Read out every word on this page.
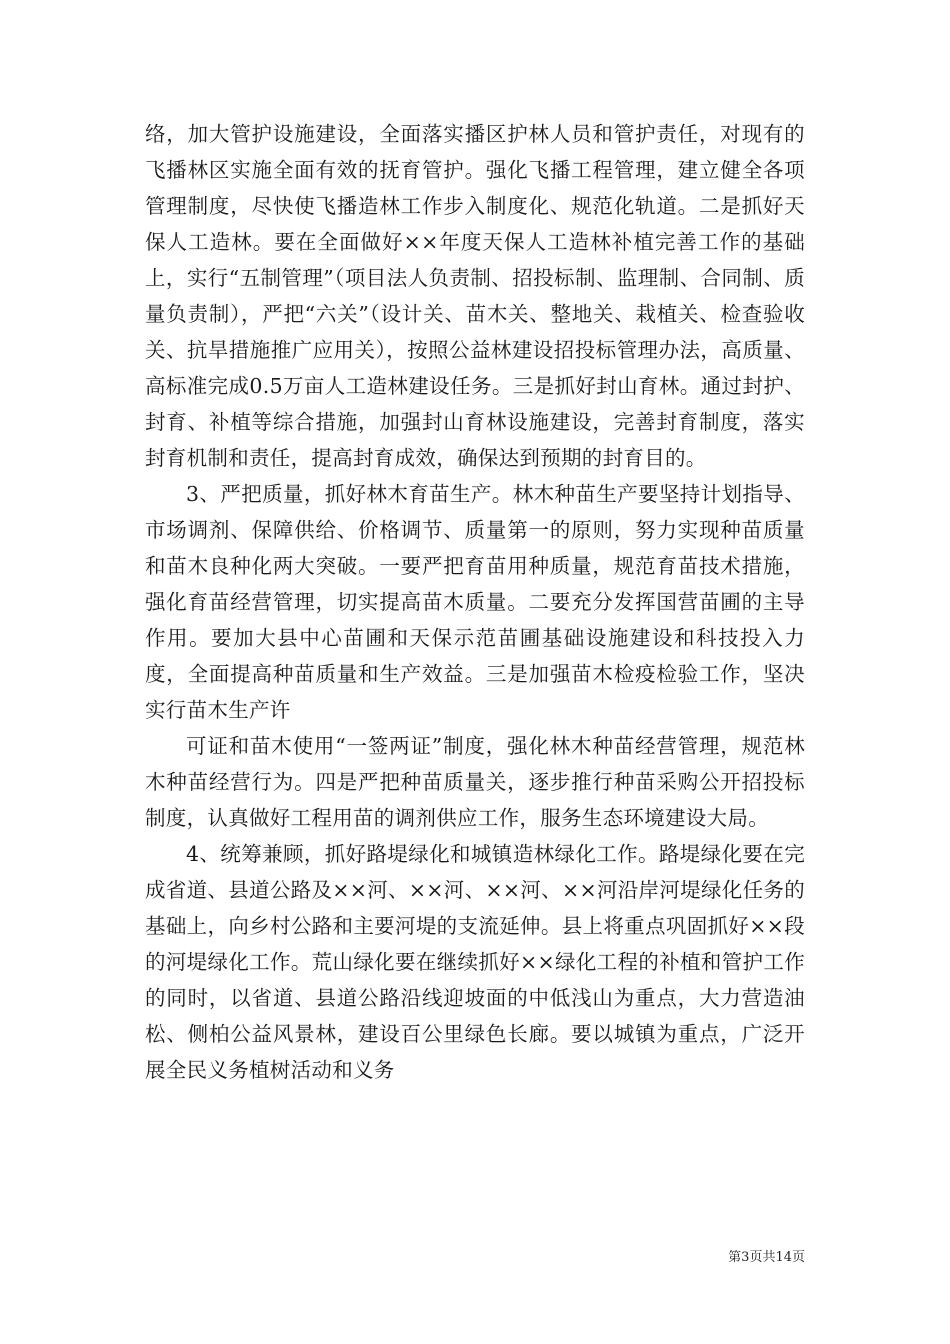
络，加大管护设施建设，全面落实播区护林人员和管护责任，对现有的飞播林区实施全面有效的抚育管护。强化飞播工程管理，建立健全各项管理制度，尽快使飞播造林工作步入制度化、规范化轨道。二是抓好天保人工造林。要在全面做好××年度天保人工造林补植完善工作的基础上，实行“五制管理”（项目法人负责制、招投标制、监理制、合同制、质量负责制），严把“六关”（设计关、苗木关、整地关、栽植关、检查验收关、抗旱措施推广应用关），按照公益林建设招投标管理办法，高质量、高标准完成0.5万亩人工造林建设任务。三是抓好封山育林。通过封护、封育、补植等综合措施，加强封山育林设施建设，完善封育制度，落实封育机制和责任，提高封育成效，确保达到预期的封育目的。

3、严把质量，抓好林木育苗生产。林木种苗生产要坚持计划指导、市场调剂、保障供给、价格调节、质量第一的原则，努力实现种苗质量和苗木良种化两大突破。一要严把育苗用种质量，规范育苗技术措施，强化育苗经营管理，切实提高苗木质量。二要充分发挥国营苗圃的主导作用。要加大县中心苗圃和天保示范苗圃基础设施建设和科技投入力度，全面提高种苗质量和生产效益。三是加强苗木检疫检验工作，坚决实行苗木生产许

可证和苗木使用“一签两证”制度，强化林木种苗经营管理，规范林木种苗经营行为。四是严把种苗质量关，逐步推行种苗采购公开招投标制度，认真做好工程用苗的调剂供应工作，服务生态环境建设大局。

4、统筹兼顾，抓好路堤绿化和城镇造林绿化工作。路堤绿化要在完成省道、县道公路及××河、××河、××河、××河沿岸河堤绿化任务的基础上，向乡村公路和主要河堤的支流延伸。县上将重点巩固抓好××段的河堤绿化工作。荒山绿化要在继续抓好××绿化工程的补植和管护工作的同时，以省道、县道公路沿线迎坡面的中低浅山为重点，大力营造油松、侧柏公益风景林，建设百公里绿色长廊。要以城镇为重点，广泛开展全民义务植树活动和义务

第3页共14页
